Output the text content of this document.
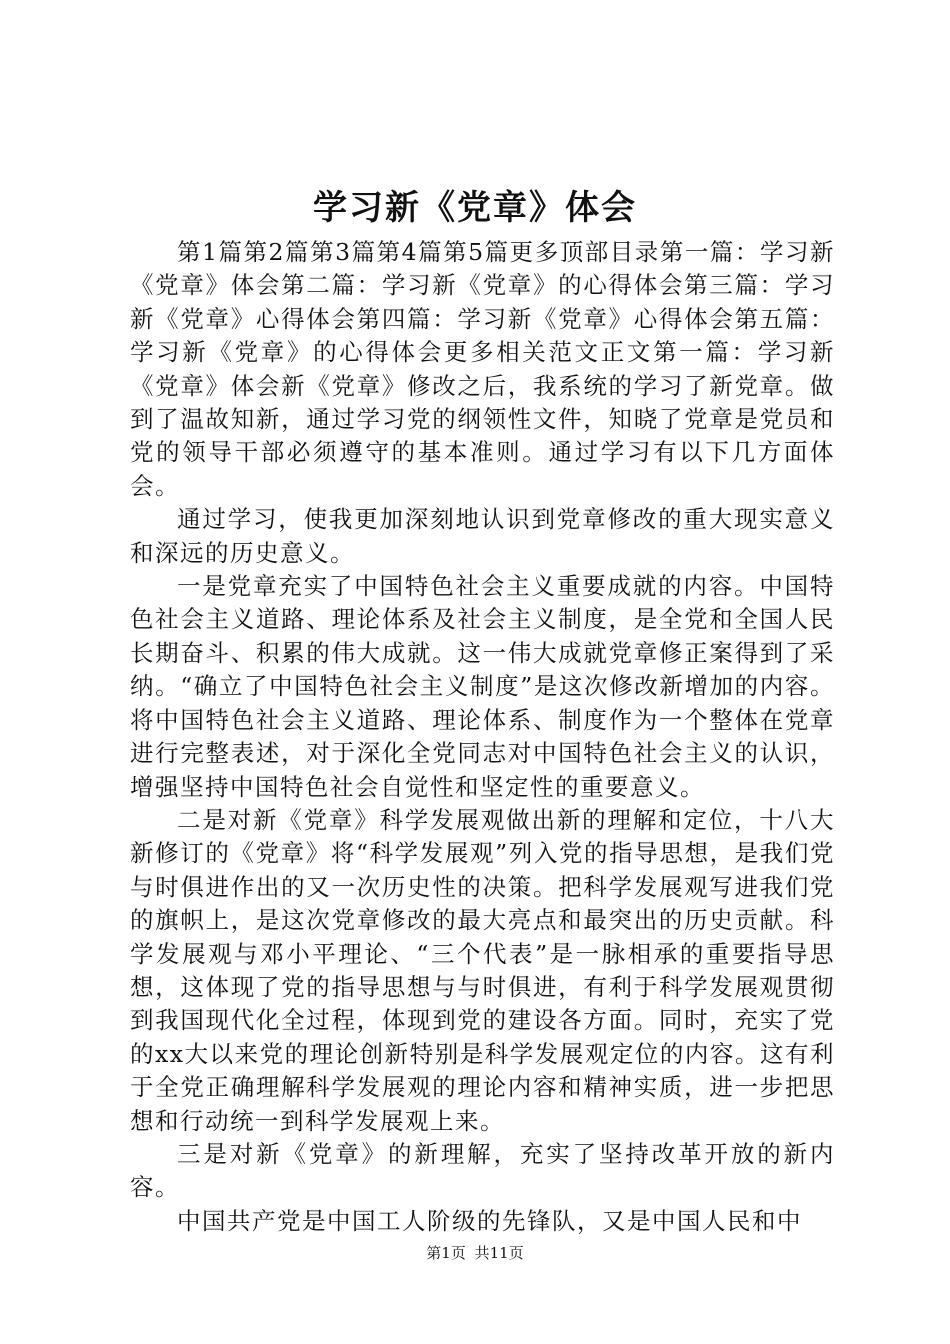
学习新《党章》体会

第1篇第2篇第3篇第4篇第5篇更多顶部目录第一篇：学习新《党章》体会第二篇：学习新《党章》的心得体会第三篇：学习新《党章》心得体会第四篇：学习新《党章》心得体会第五篇：学习新《党章》的心得体会更多相关范文正文第一篇：学习新《党章》体会新《党章》修改之后，我系统的学习了新党章。做到了温故知新，通过学习党的纲领性文件，知晓了党章是党员和党的领导干部必须遵守的基本准则。通过学习有以下几方面体会。

通过学习，使我更加深刻地认识到党章修改的重大现实意义和深远的历史意义。

一是党章充实了中国特色社会主义重要成就的内容。中国特色社会主义道路、理论体系及社会主义制度，是全党和全国人民长期奋斗、积累的伟大成就。这一伟大成就党章修正案得到了采纳。“确立了中国特色社会主义制度”是这次修改新增加的内容。将中国特色社会主义道路、理论体系、制度作为一个整体在党章进行完整表述，对于深化全党同志对中国特色社会主义的认识，增强坚持中国特色社会自觉性和坚定性的重要意义。

二是对新《党章》科学发展观做出新的理解和定位，十八大新修订的《党章》将“科学发展观”列入党的指导思想，是我们党与时俱进作出的又一次历史性的决策。把科学发展观写进我们党的旗帜上，是这次党章修改的最大亮点和最突出的历史贡献。科学发展观与邓小平理论、“三个代表”是一脉相承的重要指导思想，这体现了党的指导思想与与时俱进，有利于科学发展观贯彻到我国现代化全过程，体现到党的建设各方面。同时，充实了党的xx大以来党的理论创新特别是科学发展观定位的内容。这有利于全党正确理解科学发展观的理论内容和精神实质，进一步把思想和行动统一到科学发展观上来。

三是对新《党章》的新理解，充实了坚持改革开放的新内容。

中国共产党是中国工人阶级的先锋队，又是中国人民和中

第1页 共11页
